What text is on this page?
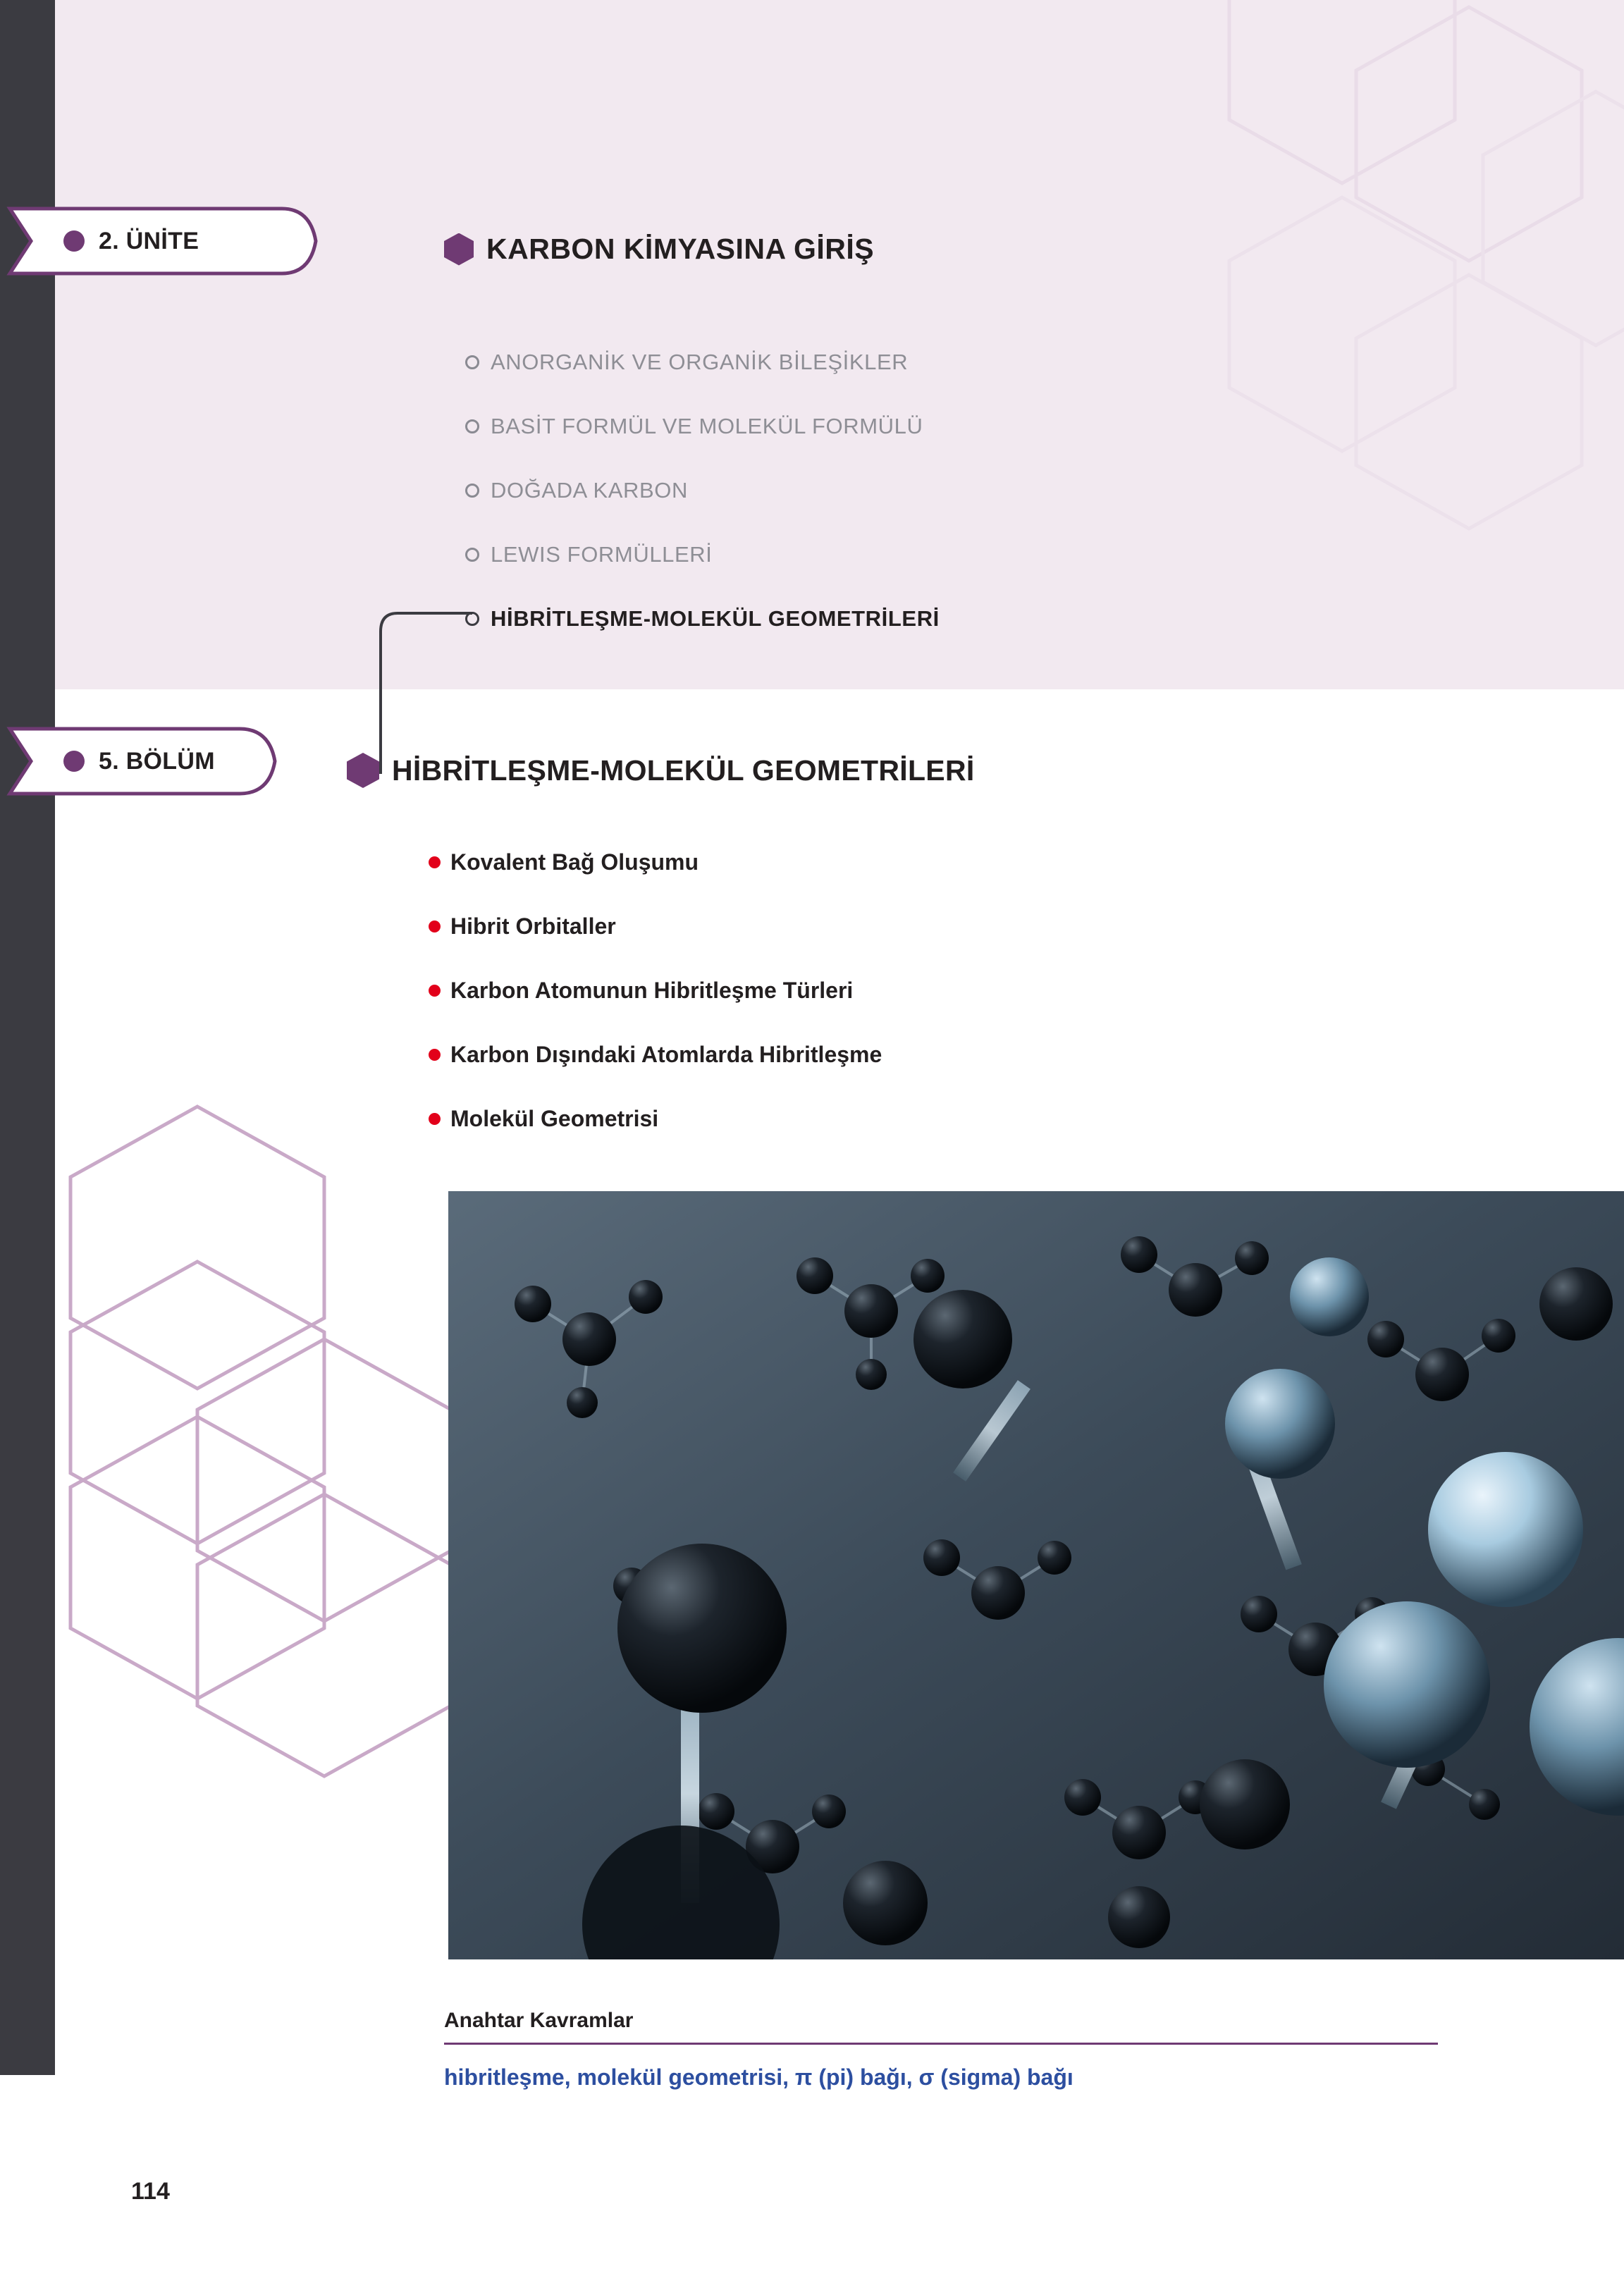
2. ÜNİTE	KARBON KİMYASINA GİRİŞ
ANORGANİK VE ORGANİK BİLEŞİKLER
BASİT FORMÜL VE MOLEKÜL FORMÜLÜ
DOĞADA KARBON
LEWIS FORMÜLLERİ
HİBRİTLEŞME-MOLEKÜL GEOMETRİLERİ
5. BÖLÜM	HİBRİTLEŞME-MOLEKÜL GEOMETRİLERİ
Kovalent Bağ Oluşumu
Hibrit Orbitaller
Karbon Atomunun Hibritleşme Türleri
Karbon Dışındaki Atomlarda Hibritleşme
Molekül Geometrisi
Anahtar Kavramlar
hibritleşme, molekül geometrisi, π (pi) bağı, σ (sigma) bağı
114
